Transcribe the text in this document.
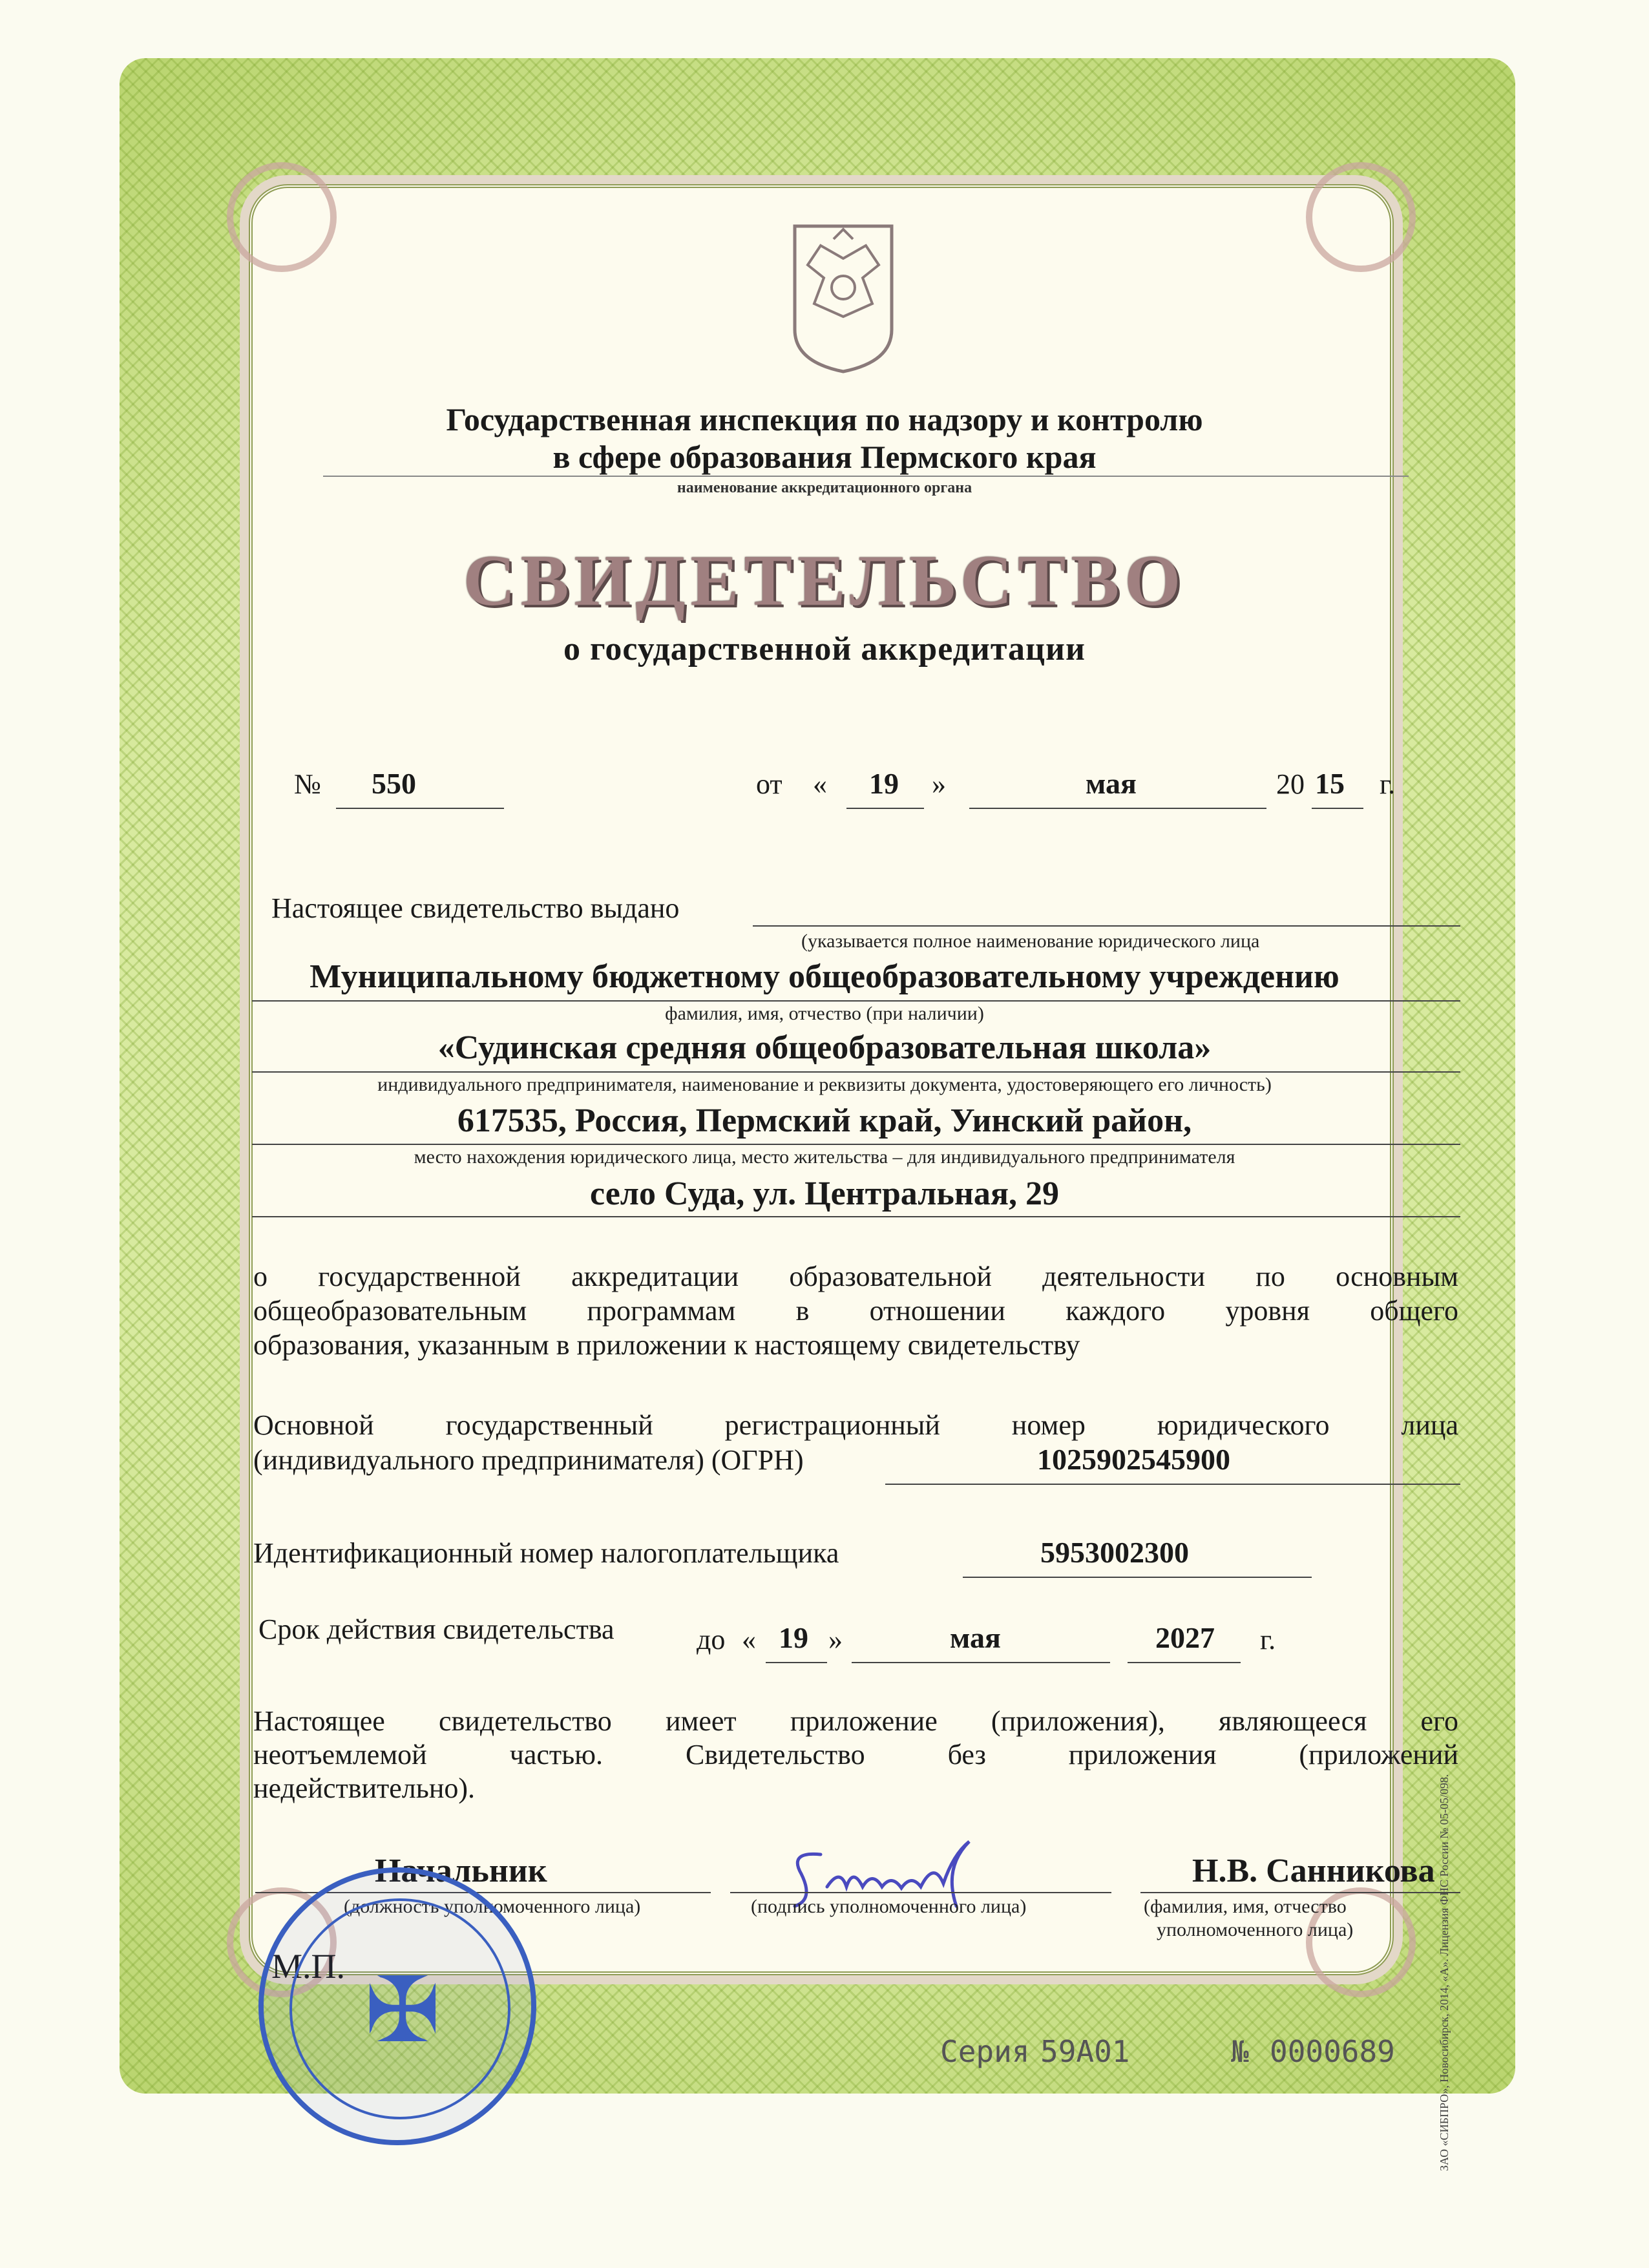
Государственная инспекция по надзору и контролю
в сфере образования Пермского края
наименование аккредитационного органа
СВИДЕТЕЛЬСТВО
о государственной аккредитации
№ 550	от « 19 »	мая	20 15 г.
Настоящее свидетельство выдано
(указывается полное наименование юридического лица
Муниципальному бюджетному общеобразовательному учреждению
фамилия, имя, отчество (при наличии)
«Судинская средняя общеобразовательная школа»
индивидуального предпринимателя, наименование и реквизиты документа, удостоверяющего его личность)
617535, Россия, Пермский край, Уинский район,
место нахождения юридического лица, место жительства – для индивидуального предпринимателя
село Суда, ул. Центральная, 29
о государственной аккредитации образовательной деятельности по основным
общеобразовательным программам в отношении каждого уровня общего
образования, указанным в приложении к настоящему свидетельству
Основной государственный регистрационный номер юридического лица
(индивидуального предпринимателя) (ОГРН)	1025902545900
Идентификационный номер налогоплательщика	5953002300
Срок действия свидетельства	до « 19 »	мая	2027 г.
Настоящее свидетельство имеет приложение (приложения), являющееся его
неотъемлемой частью. Свидетельство без приложения (приложений
недействительно).
Начальник
(должность уполномоченного лица)	(подпись уполномоченного лица)
Н.В. Санникова
(фамилия, имя, отчество
уполномоченного лица)
М.П. ✠	Серия 59А01	№ 0000689	ЗАО «СИБПРО», Новосибирск, 2014, «А». Лицензия ФНС России № 05-05/098.
